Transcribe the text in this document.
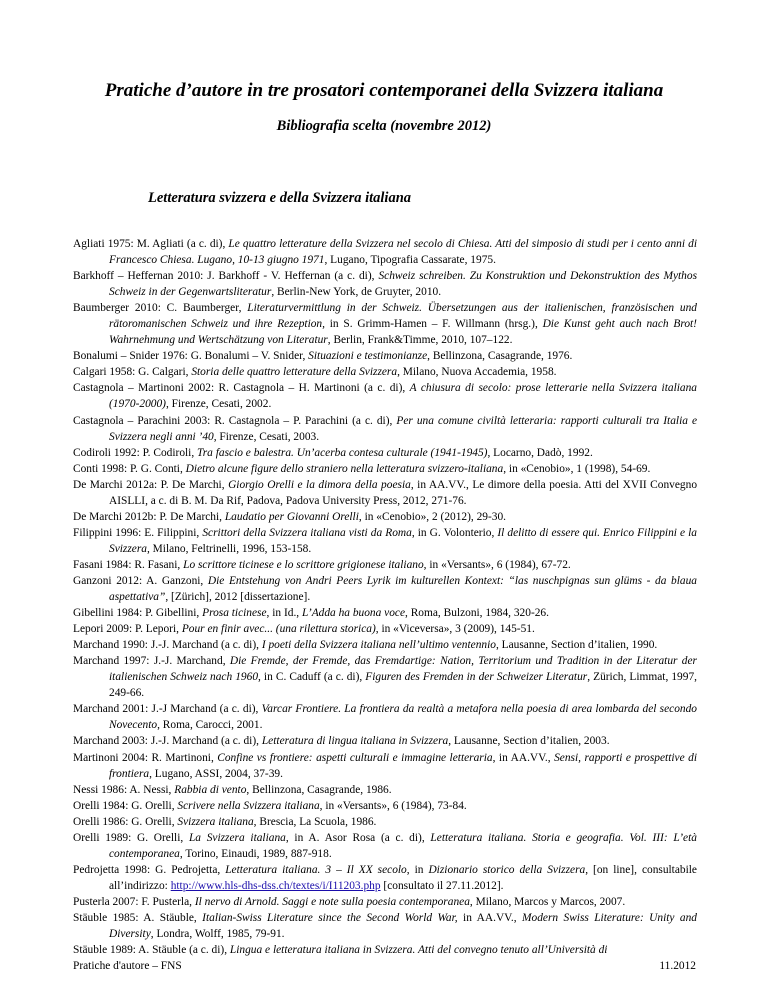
Pratiche d’autore in tre prosatori contemporanei della Svizzera italiana
Bibliografia scelta (novembre 2012)
Letteratura svizzera e della Svizzera italiana

Agliati 1975: M. Agliati (a c. di), Le quattro letterature della Svizzera nel secolo di Chiesa. Atti del simposio di studi per i cento anni di Francesco Chiesa. Lugano, 10-13 giugno 1971, Lugano, Tipografia Cassarate, 1975.

Barkhoff – Heffernan 2010: J. Barkhoff - V. Heffernan (a c. di), Schweiz schreiben. Zu Konstruktion und Dekonstruktion des Mythos Schweiz in der Gegenwartsliteratur, Berlin-New York, de Gruyter, 2010.

Baumberger 2010: C. Baumberger, Literaturvermittlung in der Schweiz. Übersetzungen aus der italienischen, französischen und rätoromanischen Schweiz und ihre Rezeption, in S. Grimm-Hamen – F. Willmann (hrsg.), Die Kunst geht auch nach Brot! Wahrnehmung und Wertschätzung von Literatur, Berlin, Frank&Timme, 2010, 107–122.

Bonalumi – Snider 1976: G. Bonalumi – V. Snider, Situazioni e testimonianze, Bellinzona, Casagrande, 1976.

Calgari 1958: G. Calgari, Storia delle quattro letterature della Svizzera, Milano, Nuova Accademia, 1958.

Castagnola – Martinoni 2002: R. Castagnola – H. Martinoni (a c. di), A chiusura di secolo: prose letterarie nella Svizzera italiana (1970-2000), Firenze, Cesati, 2002.

Castagnola – Parachini 2003: R. Castagnola – P. Parachini (a c. di), Per una comune civiltà letteraria: rapporti culturali tra Italia e Svizzera negli anni ’40, Firenze, Cesati, 2003.

Codiroli 1992: P. Codiroli, Tra fascio e balestra. Un’acerba contesa culturale (1941-1945), Locarno, Dadò, 1992.

Conti 1998: P. G. Conti, Dietro alcune figure dello straniero nella letteratura svizzero-italiana, in «Cenobio», 1 (1998), 54-69.

De Marchi 2012a: P. De Marchi, Giorgio Orelli e la dimora della poesia, in AA.VV., Le dimore della poesia. Atti del XVII Convegno AISLLI, a c. di B. M. Da Rif, Padova, Padova University Press, 2012, 271-76.

De Marchi 2012b: P. De Marchi, Laudatio per Giovanni Orelli, in «Cenobio», 2 (2012), 29-30.

Filippini 1996: E. Filippini, Scrittori della Svizzera italiana visti da Roma, in G. Volonterio, Il delitto di essere qui. Enrico Filippini e la Svizzera, Milano, Feltrinelli, 1996, 153-158.

Fasani 1984: R. Fasani, Lo scrittore ticinese e lo scrittore grigionese italiano, in «Versants», 6 (1984), 67-72.

Ganzoni 2012: A. Ganzoni, Die Entstehung von Andri Peers Lyrik im kulturellen Kontext: “las nuschpignas sun glüms - da blaua aspettativa”, [Zürich], 2012 [dissertazione].

Gibellini 1984: P. Gibellini, Prosa ticinese, in Id., L’Adda ha buona voce, Roma, Bulzoni, 1984, 320-26.

Lepori 2009: P. Lepori, Pour en finir avec... (una rilettura storica), in «Viceversa», 3 (2009), 145-51.

Marchand 1990: J.-J. Marchand (a c. di), I poeti della Svizzera italiana nell’ultimo ventennio, Lausanne, Section d’italien, 1990.

Marchand 1997: J.-J. Marchand, Die Fremde, der Fremde, das Fremdartige: Nation, Territorium und Tradition in der Literatur der italienischen Schweiz nach 1960, in C. Caduff (a c. di), Figuren des Fremden in der Schweizer Literatur, Zürich, Limmat, 1997, 249-66.

Marchand 2001: J.-J Marchand (a c. di), Varcar Frontiere. La frontiera da realtà a metafora nella poesia di area lombarda del secondo Novecento, Roma, Carocci, 2001.

Marchand 2003: J.-J. Marchand (a c. di), Letteratura di lingua italiana in Svizzera, Lausanne, Section d’italien, 2003.

Martinoni 2004: R. Martinoni, Confine vs frontiere: aspetti culturali e immagine letteraria, in AA.VV., Sensi, rapporti e prospettive di frontiera, Lugano, ASSI, 2004, 37-39.

Nessi 1986: A. Nessi, Rabbia di vento, Bellinzona, Casagrande, 1986.

Orelli 1984: G. Orelli, Scrivere nella Svizzera italiana, in «Versants», 6 (1984), 73-84.

Orelli 1986: G. Orelli, Svizzera italiana, Brescia, La Scuola, 1986.

Orelli 1989: G. Orelli, La Svizzera italiana, in A. Asor Rosa (a c. di), Letteratura italiana. Storia e geografia. Vol. III: L’età contemporanea, Torino, Einaudi, 1989, 887-918.

Pedrojetta 1998: G. Pedrojetta, Letteratura italiana. 3 – Il XX secolo, in Dizionario storico della Svizzera, [on line], consultabile all’indirizzo: http://www.hls-dhs-dss.ch/textes/i/I11203.php [consultato il 27.11.2012].

Pusterla 2007: F. Pusterla, Il nervo di Arnold. Saggi e note sulla poesia contemporanea, Milano, Marcos y Marcos, 2007.

Stäuble 1985: A. Stäuble, Italian-Swiss Literature since the Second World War, in AA.VV., Modern Swiss Literature: Unity and Diversity, Londra, Wolff, 1985, 79-91.

Stäuble 1989: A. Stäuble (a c. di), Lingua e letteratura italiana in Svizzera. Atti del convegno tenuto all’Università di

Pratiche d'autore – FNS	11.2012
